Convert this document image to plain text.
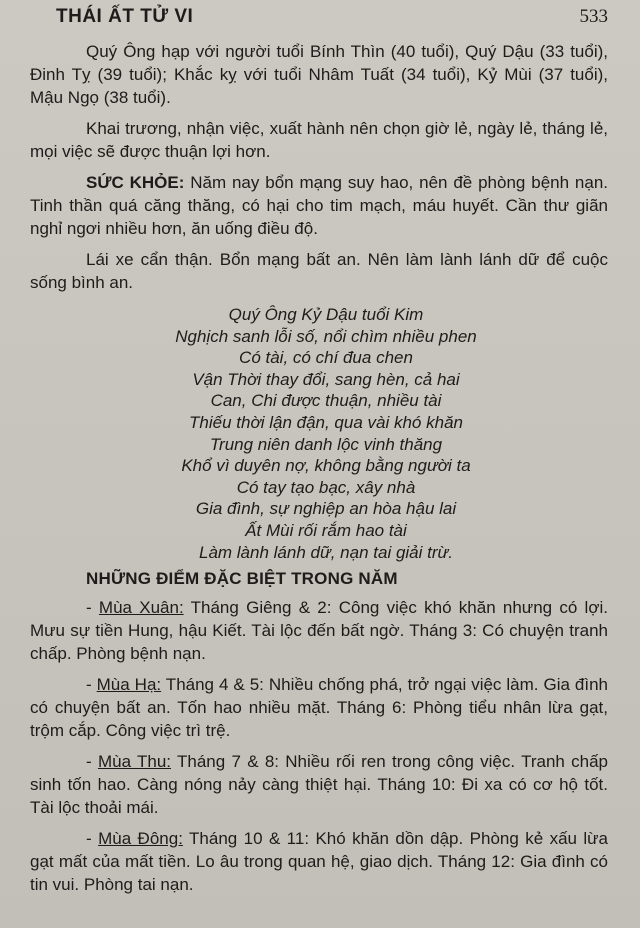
THÁI ẤT TỬ VI	533

Quý Ông hạp với người tuổi Bính Thìn (40 tuổi), Quý Dậu (33 tuổi), Đinh Tỵ (39 tuổi); Khắc kỵ với tuổi Nhâm Tuất (34 tuổi), Kỷ Mùi (37 tuổi), Mậu Ngọ (38 tuổi).

Khai trương, nhận việc, xuất hành nên chọn giờ lẻ, ngày lẻ, tháng lẻ, mọi việc sẽ được thuận lợi hơn.

SỨC KHỎE: Năm nay bổn mạng suy hao, nên đề phòng bệnh nạn. Tinh thần quá căng thăng, có hại cho tim mạch, máu huyết. Cần thư giãn nghỉ ngơi nhiều hơn, ăn uống điều độ.

Lái xe cẩn thận. Bổn mạng bất an. Nên làm lành lánh dữ để cuộc sống bình an.

Quý Ông Kỷ Dậu tuổi Kim
Nghịch sanh lỗi số, nổi chìm nhiều phen
Có tài, có chí đua chen
Vận Thời thay đổi, sang hèn, cả hai
Can, Chi được thuận, nhiều tài
Thiếu thời lận đận, qua vài khó khăn
Trung niên danh lộc vinh thăng
Khổ vì duyên nợ, không bằng người ta
Có tay tạo bạc, xây nhà
Gia đình, sự nghiệp an hòa hậu lai
Ất Mùi rối rắm hao tài
Làm lành lánh dữ, nạn tai giải trừ.
NHỮNG ĐIỂM ĐẶC BIỆT TRONG NĂM

- Mùa Xuân: Tháng Giêng & 2: Công việc khó khăn nhưng có lợi. Mưu sự tiền Hung, hậu Kiết. Tài lộc đến bất ngờ. Tháng 3: Có chuyện tranh chấp. Phòng bệnh nạn.

- Mùa Hạ: Tháng 4 & 5: Nhiều chống phá, trở ngại việc làm. Gia đình có chuyện bất an. Tốn hao nhiều mặt. Tháng 6: Phòng tiểu nhân lừa gạt, trộm cắp. Công việc trì trệ.

- Mùa Thu: Tháng 7 & 8: Nhiều rối ren trong công việc. Tranh chấp sinh tốn hao. Càng nóng nảy càng thiệt hại. Tháng 10: Đi xa có cơ hộ tốt. Tài lộc thoải mái.

- Mùa Đông: Tháng 10 & 11: Khó khăn dồn dập. Phòng kẻ xấu lừa gạt mất của mất tiền. Lo âu trong quan hệ, giao dịch. Tháng 12: Gia đình có tin vui. Phòng tai nạn.
